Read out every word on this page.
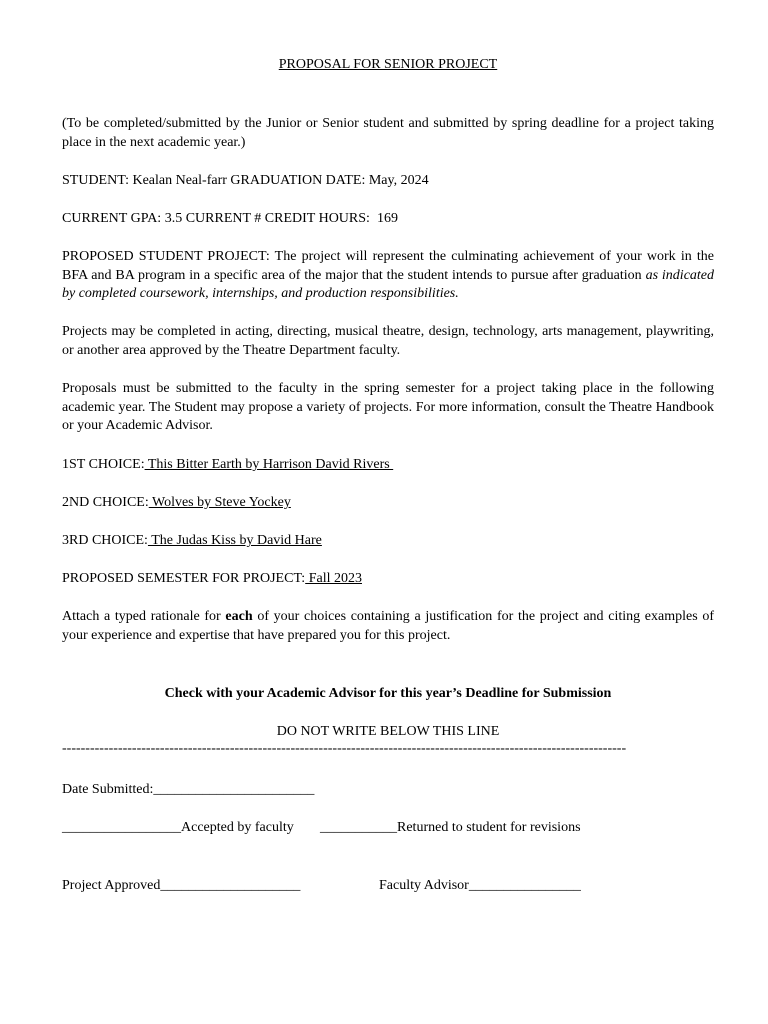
PROPOSAL FOR SENIOR PROJECT
(To be completed/submitted by the Junior or Senior student and submitted by spring deadline for a project taking place in the next academic year.)
STUDENT: Kealan Neal-farr GRADUATION DATE: May, 2024
CURRENT GPA: 3.5 CURRENT # CREDIT HOURS: 169
PROPOSED STUDENT PROJECT: The project will represent the culminating achievement of your work in the BFA and BA program in a specific area of the major that the student intends to pursue after graduation as indicated by completed coursework, internships, and production responsibilities.
Projects may be completed in acting, directing, musical theatre, design, technology, arts management, playwriting, or another area approved by the Theatre Department faculty.
Proposals must be submitted to the faculty in the spring semester for a project taking place in the following academic year. The Student may propose a variety of projects. For more information, consult the Theatre Handbook or your Academic Advisor.
1ST CHOICE: This Bitter Earth by Harrison David Rivers
2ND CHOICE: Wolves by Steve Yockey
3RD CHOICE: The Judas Kiss by David Hare
PROPOSED SEMESTER FOR PROJECT: Fall 2023
Attach a typed rationale for each of your choices containing a justification for the project and citing examples of your experience and expertise that have prepared you for this project.
Check with your Academic Advisor for this year’s Deadline for Submission
DO NOT WRITE BELOW THIS LINE
-------------------------------------------------------------------------------------------------------------------------
Date Submitted:_______________________
_________________Accepted by faculty ___________Returned to student for revisions
Project Approved____________________	Faculty Advisor________________
